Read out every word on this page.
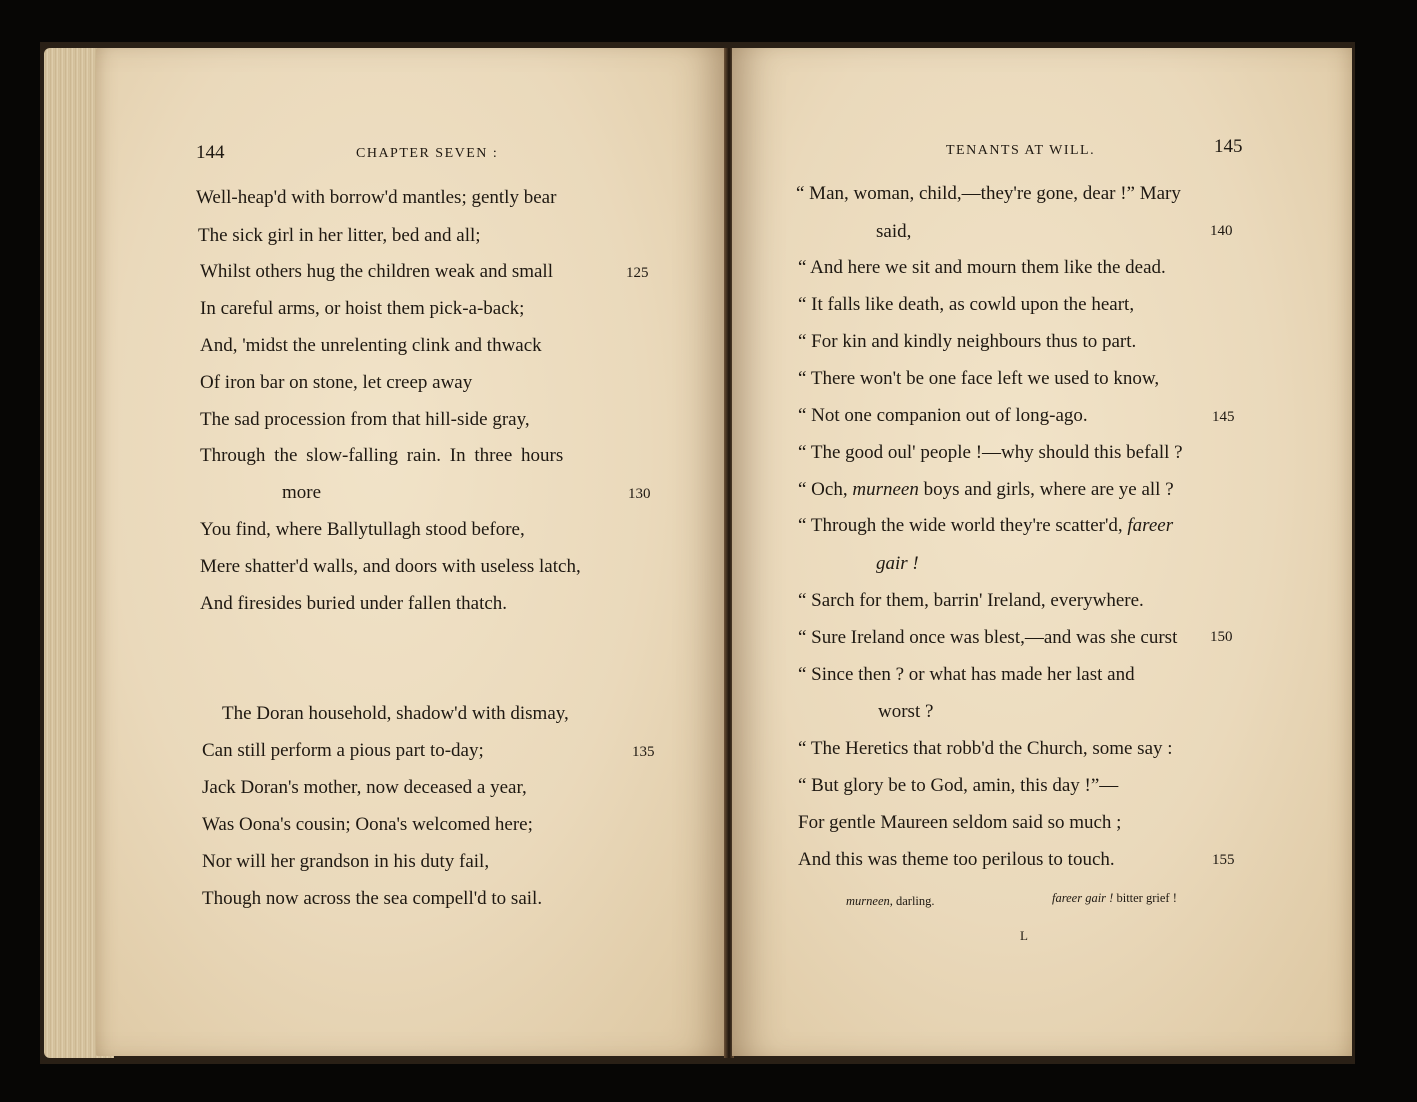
144	CHAPTER SEVEN :
Well-heap'd with borrow'd mantles; gently bear
The sick girl in her litter, bed and all;
Whilst others hug the children weak and small	125
In careful arms, or hoist them pick-a-back;
And, 'midst the unrelenting clink and thwack
Of iron bar on stone, let creep away
The sad procession from that hill-side gray,
Through the slow-falling rain. In three hours
more	130
You find, where Ballytullagh stood before,
Mere shatter'd walls, and doors with useless latch,
And firesides buried under fallen thatch.
The Doran household, shadow'd with dismay,
Can still perform a pious part to-day;	135
Jack Doran's mother, now deceased a year,
Was Oona's cousin; Oona's welcomed here;
Nor will her grandson in his duty fail,
Though now across the sea compell'd to sail.
TENANTS AT WILL.	145
“ Man, woman, child,—they're gone, dear !” Mary
said,	140
“ And here we sit and mourn them like the dead.
“ It falls like death, as cowld upon the heart,
“ For kin and kindly neighbours thus to part.
“ There won't be one face left we used to know,
“ Not one companion out of long-ago.	145
“ The good oul' people !—why should this befall ?
“ Och, murneen boys and girls, where are ye all ?
“ Through the wide world they're scatter'd, fareer
gair !
“ Sarch for them, barrin' Ireland, everywhere.
“ Sure Ireland once was blest,—and was she curst 150
“ Since then ? or what has made her last and
worst ?
“ The Heretics that robb'd the Church, some say :
“ But glory be to God, amin, this day !”—
For gentle Maureen seldom said so much ;
And this was theme too perilous to touch.	155
murneen, darling.	fareer gair ! bitter grief !
L
